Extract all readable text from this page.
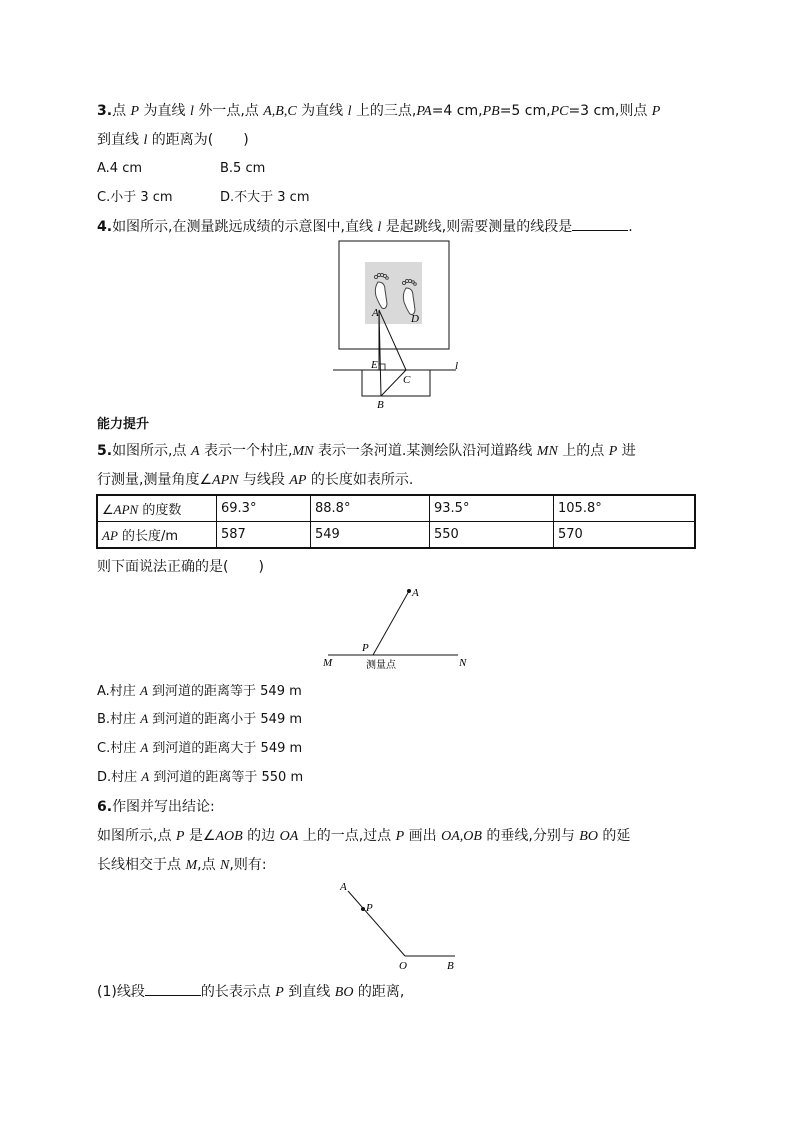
3.点 P 为直线 l 外一点,点 A,B,C 为直线 l 上的三点,PA=4 cm,PB=5 cm,PC=3 cm,则点 P
到直线 l 的距离为( )
A.4 cm	B.5 cm
C.小于 3 cm	D.不大于 3 cm
4.如图所示,在测量跳远成绩的示意图中,直线 l 是起跳线,则需要测量的线段是	.
A	D
E
C
B
l
能力提升
5.如图所示,点 A 表示一个村庄,MN 表示一条河道.某测绘队沿河道路线 MN 上的点 P 进
行测量,测量角度∠APN 与线段 AP 的长度如表所示.
∠APN 的度数	69.3°	88.8°	93.5°	105.8°
AP 的长度/m	587	549	550	570
则下面说法正确的是( )
A
P
M	N
测量点
A.村庄 A 到河道的距离等于 549 m
B.村庄 A 到河道的距离小于 549 m
C.村庄 A 到河道的距离大于 549 m
D.村庄 A 到河道的距离等于 550 m
6.作图并写出结论:
如图所示,点 P 是∠AOB 的边 OA 上的一点,过点 P 画出 OA,OB 的垂线,分别与 BO 的延
长线相交于点 M,点 N,则有:
A
P
O	B
(1)线段	的长表示点 P 到直线 BO 的距离,
